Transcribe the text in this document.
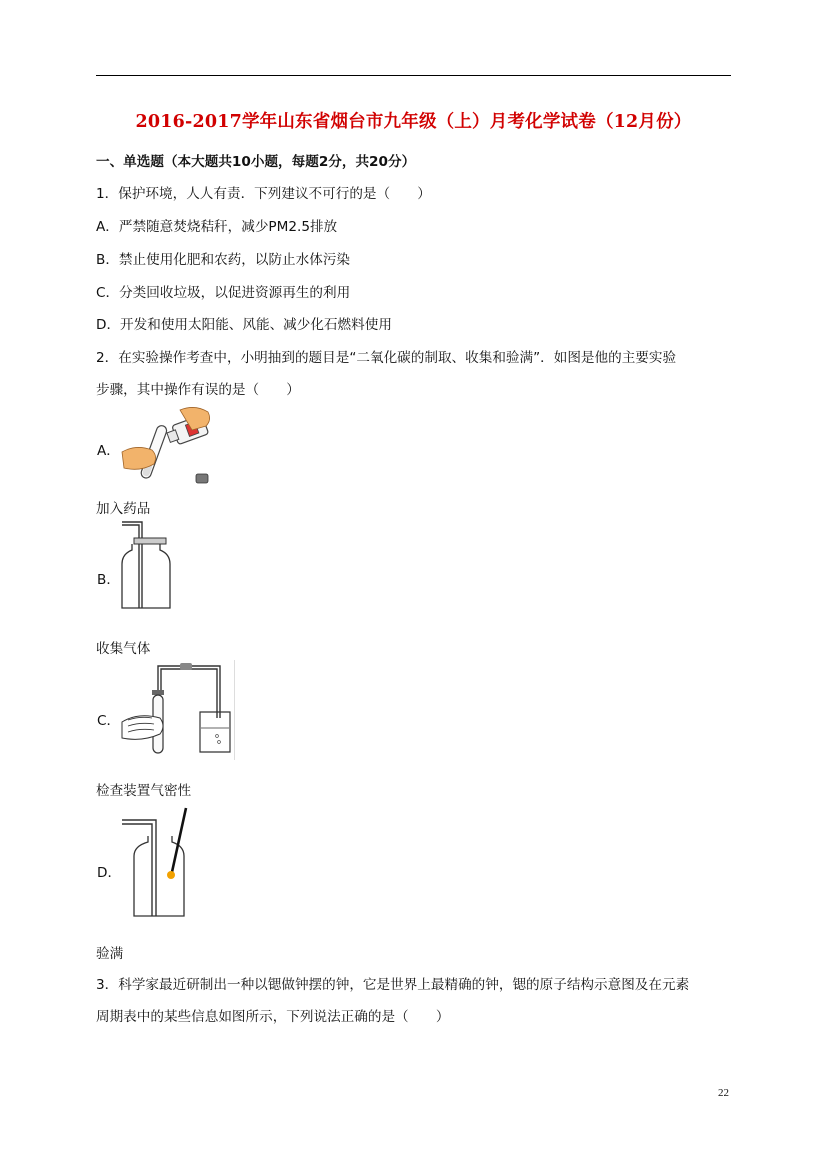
2016-2017学年山东省烟台市九年级（上）月考化学试卷（12月份）
一、单选题（本大题共10小题，每题2分，共20分）
1．保护环境，人人有责．下列建议不可行的是（　　）
A．严禁随意焚烧秸秆，减少PM2.5排放
B．禁止使用化肥和农药，以防止水体污染
C．分类回收垃圾，以促进资源再生的利用
D．开发和使用太阳能、风能、减少化石燃料使用
2．在实验操作考查中，小明抽到的题目是“二氧化碳的制取、收集和验满”．如图是他的主要实验
步骤，其中操作有误的是（　　）
A．
加入药品
B．
收集气体
C．
检查装置气密性
D．
验满
3．科学家最近研制出一种以锶做钟摆的钟，它是世界上最精确的钟，锶的原子结构示意图及在元素
周期表中的某些信息如图所示，下列说法正确的是（　　）
22
